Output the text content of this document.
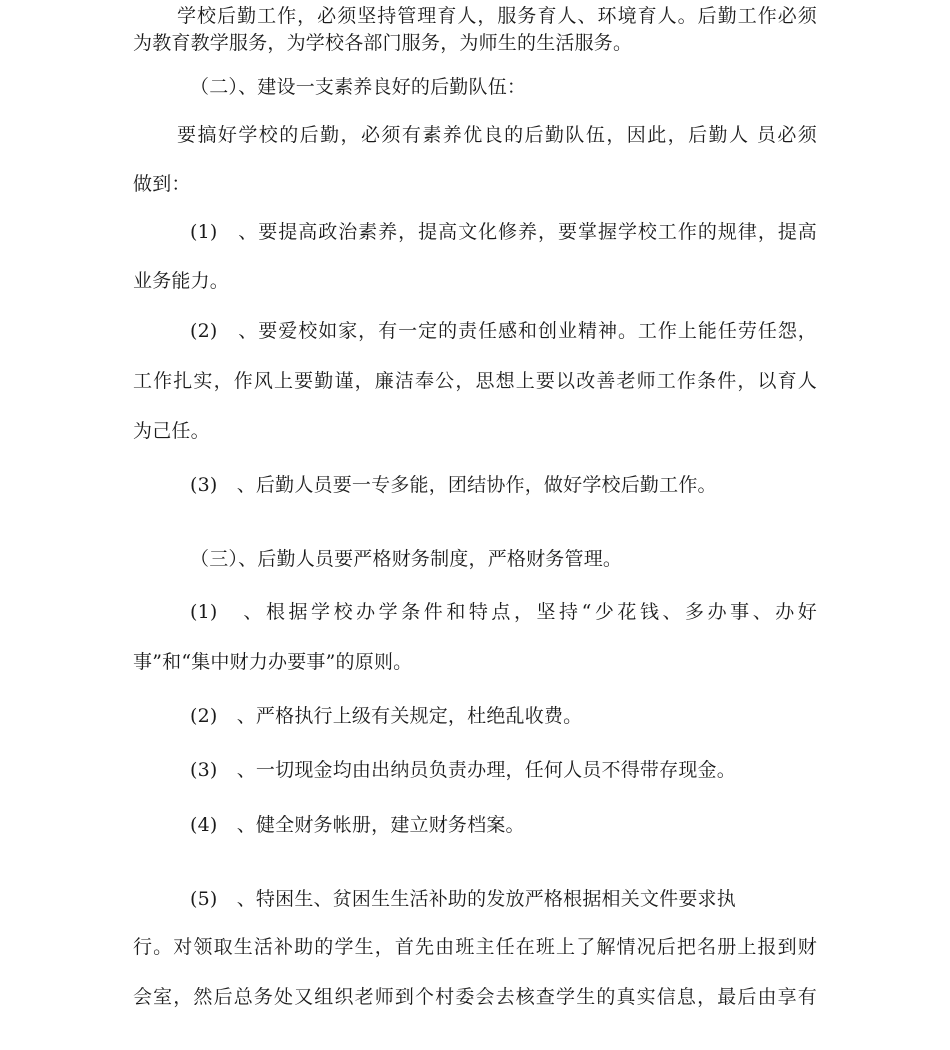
学校后勤工作，必须坚持管理育人，服务育人、环境育人。后勤工作必须
为教育教学服务，为学校各部门服务，为师生的生活服务。
（二）、建设一支素养良好的后勤队伍：
要搞好学校的后勤，必须有素养优良的后勤队伍，因此，后勤人 员必须
做到：
(1)　、要提高政治素养，提高文化修养，要掌握学校工作的规律，提高
业务能力。
(2)　、要爱校如家，有一定的责任感和创业精神。工作上能任劳任怨，
工作扎实，作风上要勤谨，廉洁奉公，思想上要以改善老师工作条件，以育人
为己任。
(3)　、后勤人员要一专多能，团结协作，做好学校后勤工作。
（三）、后勤人员要严格财务制度，严格财务管理。
(1)　、根据学校办学条件和特点，坚持“少花钱、多办事、办好
事”和“集中财力办要事”的原则。
(2)　、严格执行上级有关规定，杜绝乱收费。
(3)　、一切现金均由出纳员负责办理，任何人员不得带存现金。
(4)　、健全财务帐册，建立财务档案。
(5)　、特困生、贫困生生活补助的发放严格根据相关文件要求执
行。对领取生活补助的学生，首先由班主任在班上了解情况后把名册上报到财
会室，然后总务处又组织老师到个村委会去核查学生的真实信息，最后由享有
